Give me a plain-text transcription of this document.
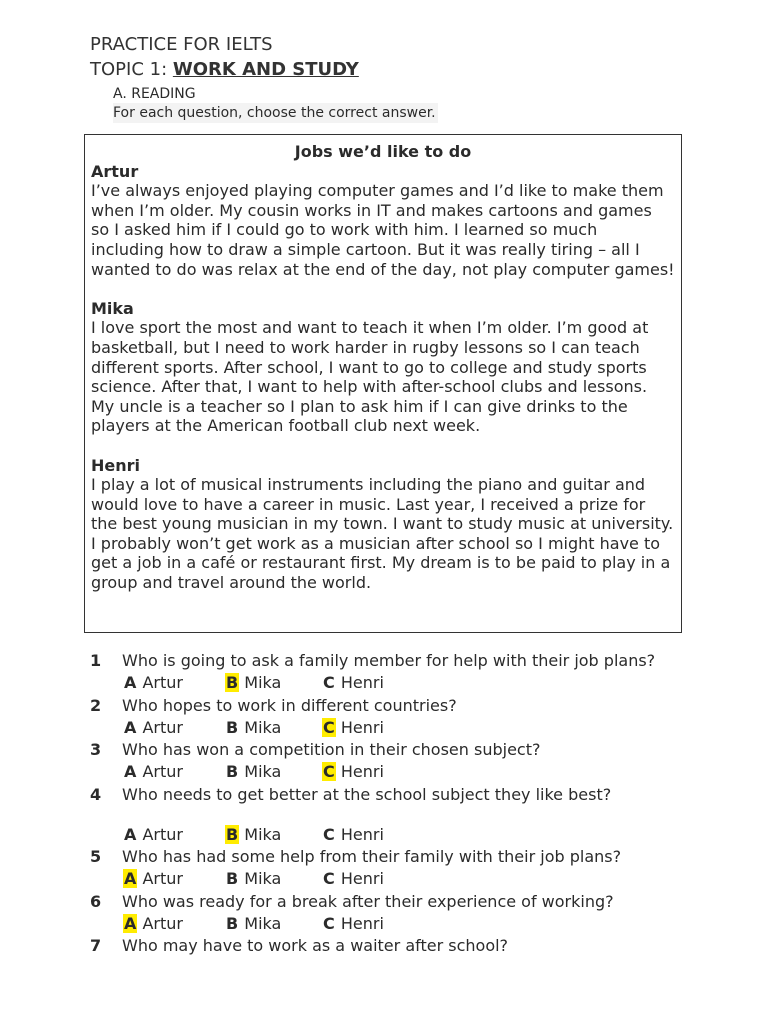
PRACTICE FOR IELTS
TOPIC 1: WORK AND STUDY
A. READING
For each question, choose the correct answer.
Jobs we’d like to do
Artur
I’ve always enjoyed playing computer games and I’d like to make them when I’m older. My cousin works in IT and makes cartoons and games so I asked him if I could go to work with him. I learned so much including how to draw a simple cartoon. But it was really tiring – all I wanted to do was relax at the end of the day, not play computer games!
Mika
I love sport the most and want to teach it when I’m older. I’m good at basketball, but I need to work harder in rugby lessons so I can teach different sports. After school, I want to go to college and study sports science. After that, I want to help with after-school clubs and lessons. My uncle is a teacher so I plan to ask him if I can give drinks to the players at the American football club next week.
Henri
I play a lot of musical instruments including the piano and guitar and would love to have a career in music. Last year, I received a prize for the best young musician in my town. I want to study music at university. I probably won’t get work as a musician after school so I might have to get a job in a café or restaurant first. My dream is to be paid to play in a group and travel around the world.
1 Who is going to ask a family member for help with their job plans?
A Artur	B Mika	C Henri
2 Who hopes to work in different countries?
A Artur	B Mika	C Henri
3 Who has won a competition in their chosen subject?
A Artur	B Mika	C Henri
4 Who needs to get better at the school subject they like best?
A Artur	B Mika	C Henri
5 Who has had some help from their family with their job plans?
A Artur	B Mika	C Henri
6 Who was ready for a break after their experience of working?
A Artur	B Mika	C Henri
7 Who may have to work as a waiter after school?
